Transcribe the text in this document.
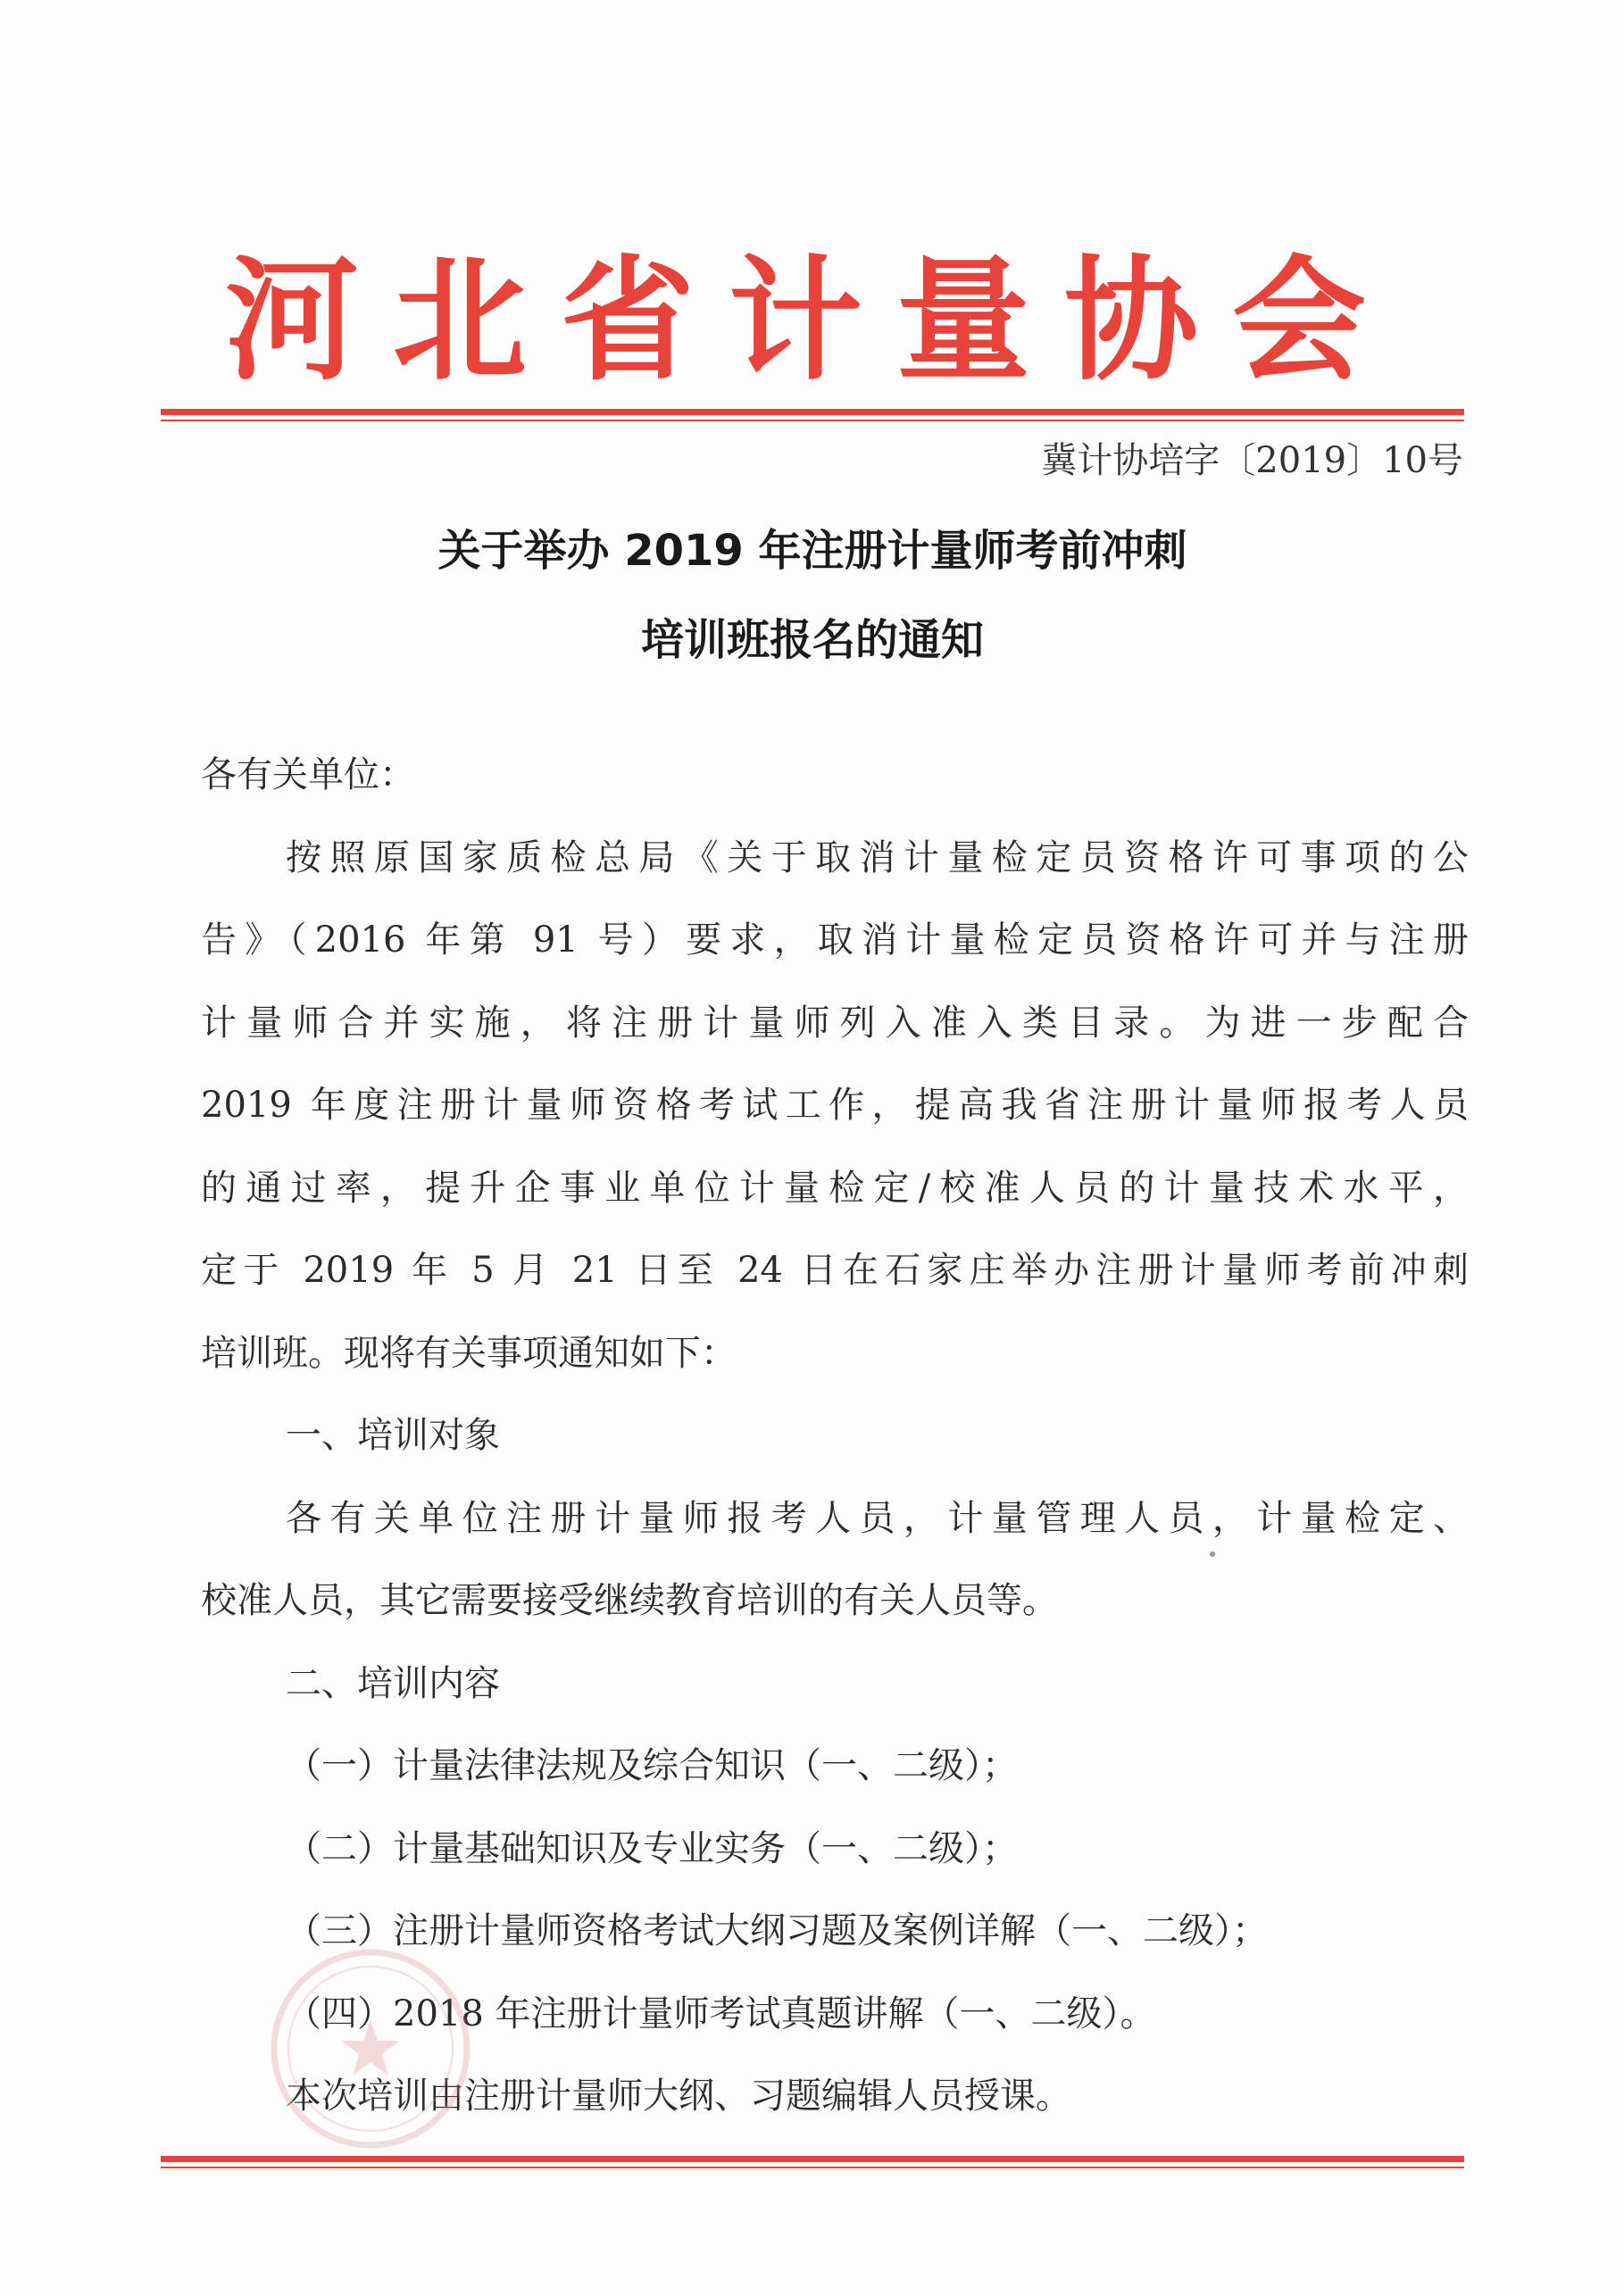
河北省计量协会
冀计协培字〔2019〕10号
关于举办 2019 年注册计量师考前冲刺
培训班报名的通知
各有关单位：
按照原国家质检总局《关于取消计量检定员资格许可事项的公
告》（2016 年第 91 号）要求，取消计量检定员资格许可并与注册
计量师合并实施，将注册计量师列入准入类目录。为进一步配合
2019 年度注册计量师资格考试工作，提高我省注册计量师报考人员
的通过率，提升企事业单位计量检定/校准人员的计量技术水平，
定于 2019 年 5 月 21 日至 24 日在石家庄举办注册计量师考前冲刺
培训班。现将有关事项通知如下：
一、培训对象
各有关单位注册计量师报考人员，计量管理人员，计量检定、
校准人员，其它需要接受继续教育培训的有关人员等。
二、培训内容
（一）计量法律法规及综合知识（一、二级）；
（二）计量基础知识及专业实务（一、二级）；
（三）注册计量师资格考试大纲习题及案例详解（一、二级）；
（四）2018 年注册计量师考试真题讲解（一、二级）。
本次培训由注册计量师大纲、习题编辑人员授课。
